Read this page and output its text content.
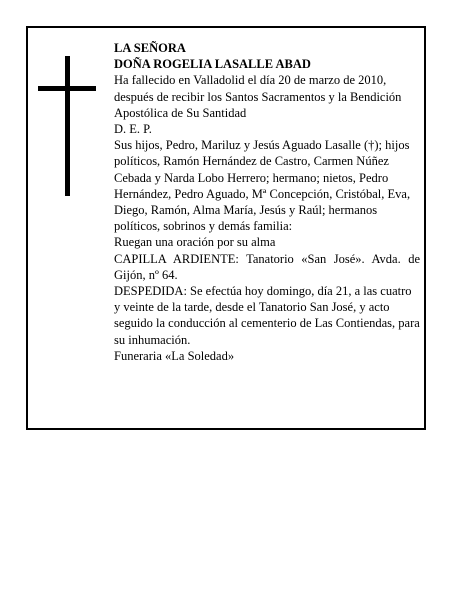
LA SEÑORA

DOÑA ROGELIA LASALLE ABAD

Ha fallecido en Valladolid el día 20 de marzo de 2010, después de recibir los Santos Sacramentos y la Bendición Apostólica de Su Santidad

D. E. P.

Sus hijos, Pedro, Mariluz y Jesús Aguado Lasalle (†); hijos políticos, Ramón Hernández de Castro, Carmen Núñez Cebada y Narda Lobo Herrero; hermano; nietos, Pedro Hernández, Pedro Aguado, Mª Concepción, Cristóbal, Eva, Diego, Ramón, Alma María, Jesús y Raúl; hermanos políticos, sobrinos y demás familia:

Ruegan una oración por su alma

CAPILLA ARDIENTE: Tanatorio «San José». Avda. de Gijón, nº 64.

DESPEDIDA: Se efectúa hoy domingo, día 21, a las cuatro y veinte de la tarde, desde el Tanatorio San José, y acto seguido la conducción al cementerio de Las Contiendas, para su inhumación.

Funeraria «La Soledad»
